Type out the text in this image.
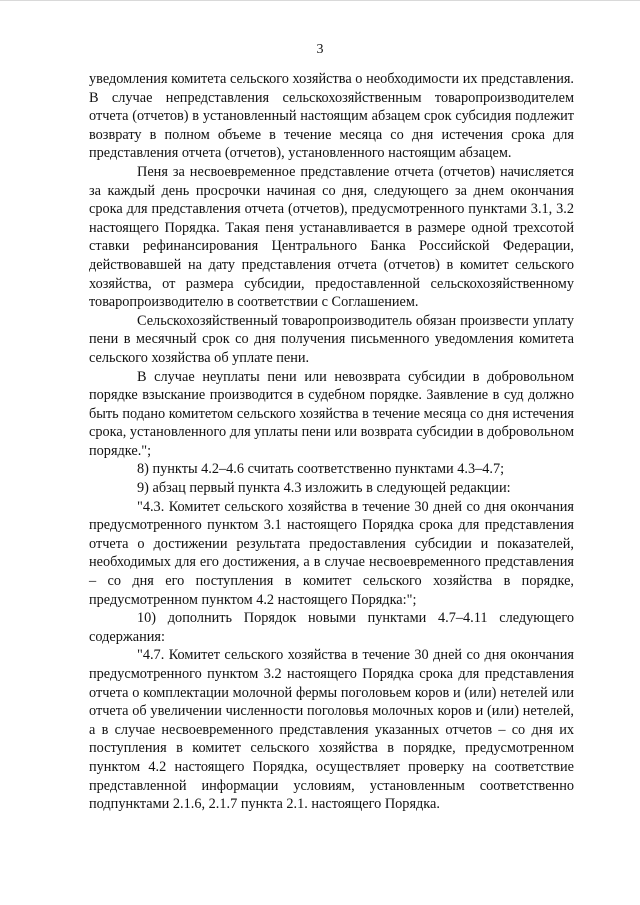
3

уведомления комитета сельского хозяйства о необходимости их представления. В случае непредставления сельскохозяйственным товаропроизводителем отчета (отчетов) в установленный настоящим абзацем срок субсидия подлежит возврату в полном объеме в течение месяца со дня истечения срока для представления отчета (отчетов), установленного настоящим абзацем.

Пеня за несвоевременное представление отчета (отчетов) начисляется за каждый день просрочки начиная со дня, следующего за днем окончания срока для представления отчета (отчетов), предусмотренного пунктами 3.1, 3.2 настоящего Порядка. Такая пеня устанавливается в размере одной трехсотой ставки рефинансирования Центрального Банка Российской Федерации, действовавшей на дату представления отчета (отчетов) в комитет сельского хозяйства, от размера субсидии, предоставленной сельскохозяйственному товаропроизводителю в соответствии с Соглашением.

Сельскохозяйственный товаропроизводитель обязан произвести уплату пени в месячный срок со дня получения письменного уведомления комитета сельского хозяйства об уплате пени.

В случае неуплаты пени или невозврата субсидии в добровольном порядке взыскание производится в судебном порядке. Заявление в суд должно быть подано комитетом сельского хозяйства в течение месяца со дня истечения срока, установленного для уплаты пени или возврата субсидии в добровольном порядке.";

8) пункты 4.2–4.6 считать соответственно пунктами 4.3–4.7;

9) абзац первый пункта 4.3 изложить в следующей редакции:

"4.3. Комитет сельского хозяйства в течение 30 дней со дня окончания предусмотренного пунктом 3.1 настоящего Порядка срока для представления отчета о достижении результата предоставления субсидии и показателей, необходимых для его достижения, а в случае несвоевременного представления – со дня его поступления в комитет сельского хозяйства в порядке, предусмотренном пунктом 4.2 настоящего Порядка:";

10) дополнить Порядок новыми пунктами 4.7–4.11 следующего содержания:

"4.7. Комитет сельского хозяйства в течение 30 дней со дня окончания предусмотренного пунктом 3.2 настоящего Порядка срока для представления отчета о комплектации молочной фермы поголовьем коров и (или) нетелей или отчета об увеличении численности поголовья молочных коров и (или) нетелей, а в случае несвоевременного представления указанных отчетов – со дня их поступления в комитет сельского хозяйства в порядке, предусмотренном пунктом 4.2 настоящего Порядка, осуществляет проверку на соответствие представленной информации условиям, установленным соответственно подпунктами 2.1.6, 2.1.7 пункта 2.1. настоящего Порядка.
